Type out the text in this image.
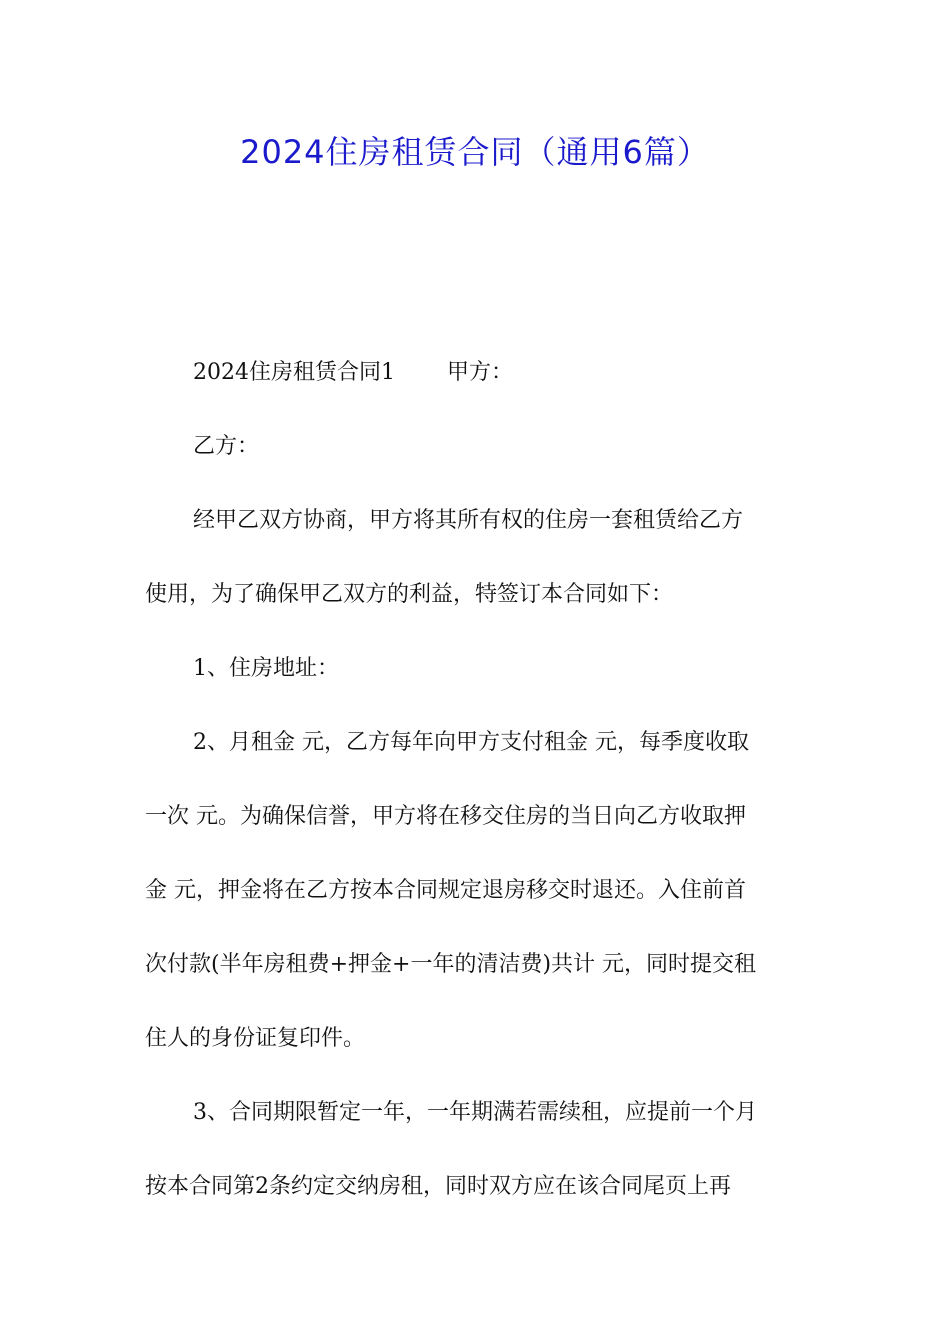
2024住房租赁合同（通用6篇）

2024住房租赁合同1 甲方：

乙方：

经甲乙双方协商，甲方将其所有权的住房一套租赁给乙方

使用，为了确保甲乙双方的利益，特签订本合同如下：

1、住房地址：

2、月租金 元，乙方每年向甲方支付租金 元，每季度收取

一次 元。为确保信誉，甲方将在移交住房的当日向乙方收取押

金 元，押金将在乙方按本合同规定退房移交时退还。入住前首

次付款(半年房租费+押金+一年的清洁费)共计 元，同时提交租

住人的身份证复印件。

3、合同期限暂定一年，一年期满若需续租，应提前一个月

按本合同第2条约定交纳房租，同时双方应在该合同尾页上再
